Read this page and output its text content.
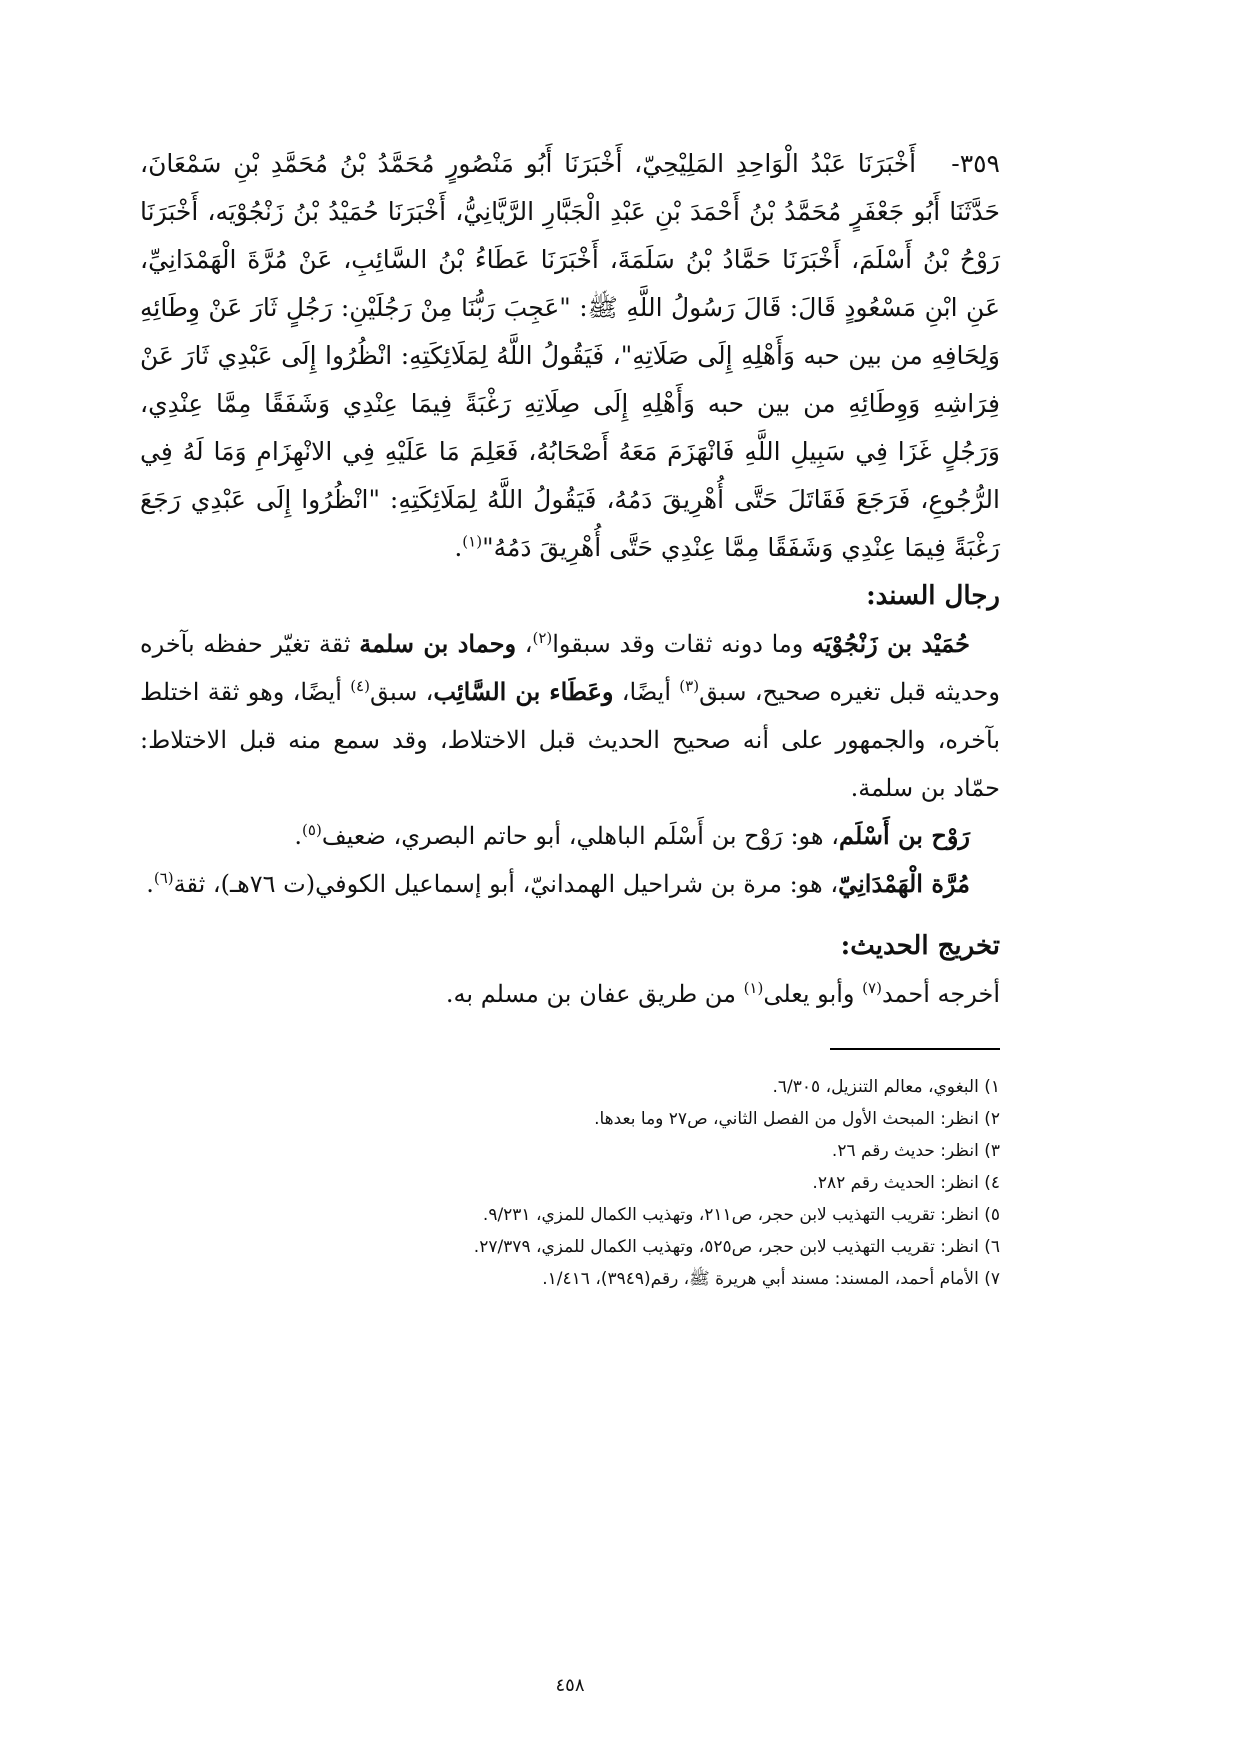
٣٥٩-   أَخْبَرَنَا عَبْدُ الْوَاحِدِ المَلِيْحِيّ، أَخْبَرَنَا أَبُو مَنْصُورٍ مُحَمَّدُ بْنُ مُحَمَّدِ بْنِ سَمْعَانَ، حَدَّثَنَا أَبُو جَعْفَرٍ مُحَمَّدُ بْنُ أَحْمَدَ بْنِ عَبْدِ الْجَبَّارِ الرَّيَّانِيُّ، أَخْبَرَنَا حُمَيْدُ بْنُ زَنْجُوْيَه، أَخْبَرَنَا رَوْحُ بْنُ أَسْلَمَ، أَخْبَرَنَا حَمَّادُ بْنُ سَلَمَةَ، أَخْبَرَنَا عَطَاءُ بْنُ السَّائِبِ، عَنْ مُرَّةَ الْهَمْدَانِيِّ، عَنِ ابْنِ مَسْعُودٍ قَالَ: قَالَ رَسُولُ اللَّهِ ﷺ: "عَجِبَ رَبُّنَا مِنْ رَجُلَيْنِ: رَجُلٍ ثَارَ عَنْ وِطَائِهِ وَلِحَافِهِ من بين حبه وَأَهْلِهِ إِلَى صَلَاتِهِ"، فَيَقُولُ اللَّهُ لِمَلَائِكَتِهِ: انْظُرُوا إِلَى عَبْدِي ثَارَ عَنْ فِرَاشِهِ وَوِطَائِهِ من بين حبه وَأَهْلِهِ إِلَى صِلَاتِهِ رَغْبَةً فِيمَا عِنْدِي وَشَفَقًا مِمَّا عِنْدِي، وَرَجُلٍ غَزَا فِي سَبِيلِ اللَّهِ فَانْهَزَمَ مَعَهُ أَصْحَابُهُ، فَعَلِمَ مَا عَلَيْهِ فِي الانْهِزَامِ وَمَا لَهُ فِي الرُّجُوعِ، فَرَجَعَ فَقَاتَلَ حَتَّى أُهْرِيقَ دَمُهُ، فَيَقُولُ اللَّهُ لِمَلَائِكَتِهِ: "انْظُرُوا إِلَى عَبْدِي رَجَعَ رَغْبَةً فِيمَا عِنْدِي وَشَفَقًا مِمَّا عِنْدِي حَتَّى أُهْرِيقَ دَمُهُ"$^{(١)}$.

رجال السند:

حُمَيْد بن زَنْجُوْيَه وما دونه ثقات وقد سبقوا$^{(٢)}$، وحماد بن سلمة ثقة تغيّر حفظه بآخره وحديثه قبل تغيره صحيح، سبق$^{(٣)}$ أيضًا، وعَطَاء بن السَّائِب، سبق$^{(٤)}$ أيضًا، وهو ثقة اختلط بآخره، والجمهور على أنه صحيح الحديث قبل الاختلاط، وقد سمع منه قبل الاختلاط: حمّاد بن سلمة.

رَوْح بن أَسْلَم، هو: رَوْح بن أَسْلَم الباهلي، أبو حاتم البصري، ضعيف$^{(٥)}$.

مُرَّة الْهَمْدَانِيّ، هو: مرة بن شراحيل الهمدانيّ، أبو إسماعيل الكوفي(ت ٧٦هـ)، ثقة$^{(٦)}$.

تخريج الحديث:

أخرجه أحمد$^{(٧)}$ وأبو يعلى$^{(١)}$ من طريق عفان بن مسلم به.

١) البغوي، معالم التنزيل، ٦/٣٠٥.
٢) انظر: المبحث الأول من الفصل الثاني، ص٢٧ وما بعدها.
٣) انظر: حديث رقم ٢٦.
٤) انظر: الحديث رقم ٢٨٢.
٥) انظر: تقريب التهذيب لابن حجر، ص٢١١، وتهذيب الكمال للمزي، ٩/٢٣١.
٦) انظر: تقريب التهذيب لابن حجر، ص٥٢٥، وتهذيب الكمال للمزي، ٢٧/٣٧٩.
٧) الأمام أحمد، المسند: مسند أبي هريرة ﷺ، رقم(٣٩٤٩)، ١/٤١٦.
٤٥٨
